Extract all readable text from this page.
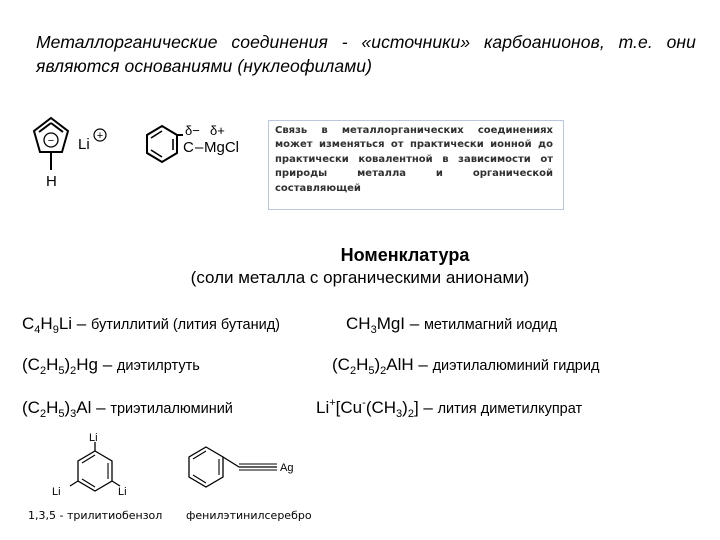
Металлорганические соединения - «источники» карбоанионов, т.е. они являются основаниями (нуклеофилами)
−
H
Li +
C – MgCl
δ− δ+	Связь в металлорганических соединениях может изменяться от практически ионной до практически ковалентной в зависимости от природы металла и органической составляющей
Номенклатура
(соли металла с органическими анионами)
$C_4H_9Li$ – бутиллитий (лития бутанид)	$CH_3MgI$ – метилмагний иодид
$(C_2H_5)_2Hg$ – диэтилртуть	$(C_2H_5)_2AlH$ – диэтилалюминий гидрид
$(C_2H_5)_3Al$ – триэтилалюминий	$Li^+[Cu^-(CH_3)_2]$ – лития диметилкупрат
Li
Li	Li
1,3,5 - трилитиобензол
Ag
фенилэтинилсеребро
